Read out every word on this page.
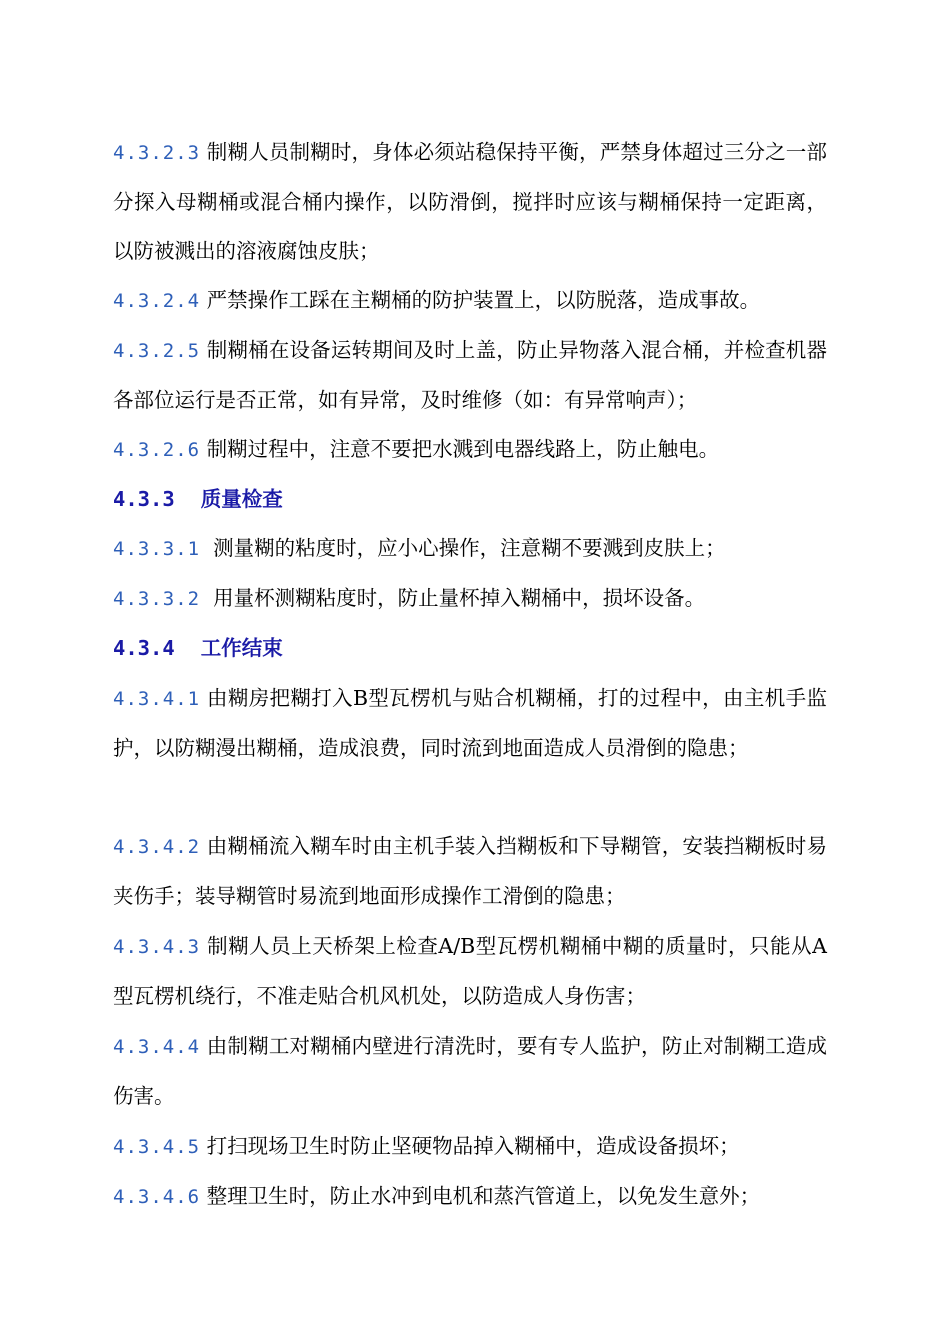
4.3.2.3 制糊人员制糊时，身体必须站稳保持平衡，严禁身体超过三分之一部分探入母糊桶或混合桶内操作，以防滑倒，搅拌时应该与糊桶保持一定距离，以防被溅出的溶液腐蚀皮肤；

4.3.2.4 严禁操作工踩在主糊桶的防护装置上，以防脱落，造成事故。

4.3.2.5 制糊桶在设备运转期间及时上盖，防止异物落入混合桶，并检查机器各部位运行是否正常，如有异常，及时维修（如：有异常响声）；

4.3.2.6 制糊过程中，注意不要把水溅到电器线路上，防止触电。

4.3.3 质量检查

4.3.3.1 测量糊的粘度时，应小心操作，注意糊不要溅到皮肤上；

4.3.3.2 用量杯测糊粘度时，防止量杯掉入糊桶中，损坏设备。

4.3.4 工作结束

4.3.4.1 由糊房把糊打入B型瓦楞机与贴合机糊桶，打的过程中，由主机手监护，以防糊漫出糊桶，造成浪费，同时流到地面造成人员滑倒的隐患；

4.3.4.2 由糊桶流入糊车时由主机手装入挡糊板和下导糊管，安装挡糊板时易夹伤手；装导糊管时易流到地面形成操作工滑倒的隐患；

4.3.4.3 制糊人员上天桥架上检查A/B型瓦楞机糊桶中糊的质量时，只能从A型瓦楞机绕行，不准走贴合机风机处，以防造成人身伤害；

4.3.4.4 由制糊工对糊桶内壁进行清洗时，要有专人监护，防止对制糊工造成伤害。

4.3.4.5 打扫现场卫生时防止坚硬物品掉入糊桶中，造成设备损坏；

4.3.4.6 整理卫生时，防止水冲到电机和蒸汽管道上，以免发生意外；
